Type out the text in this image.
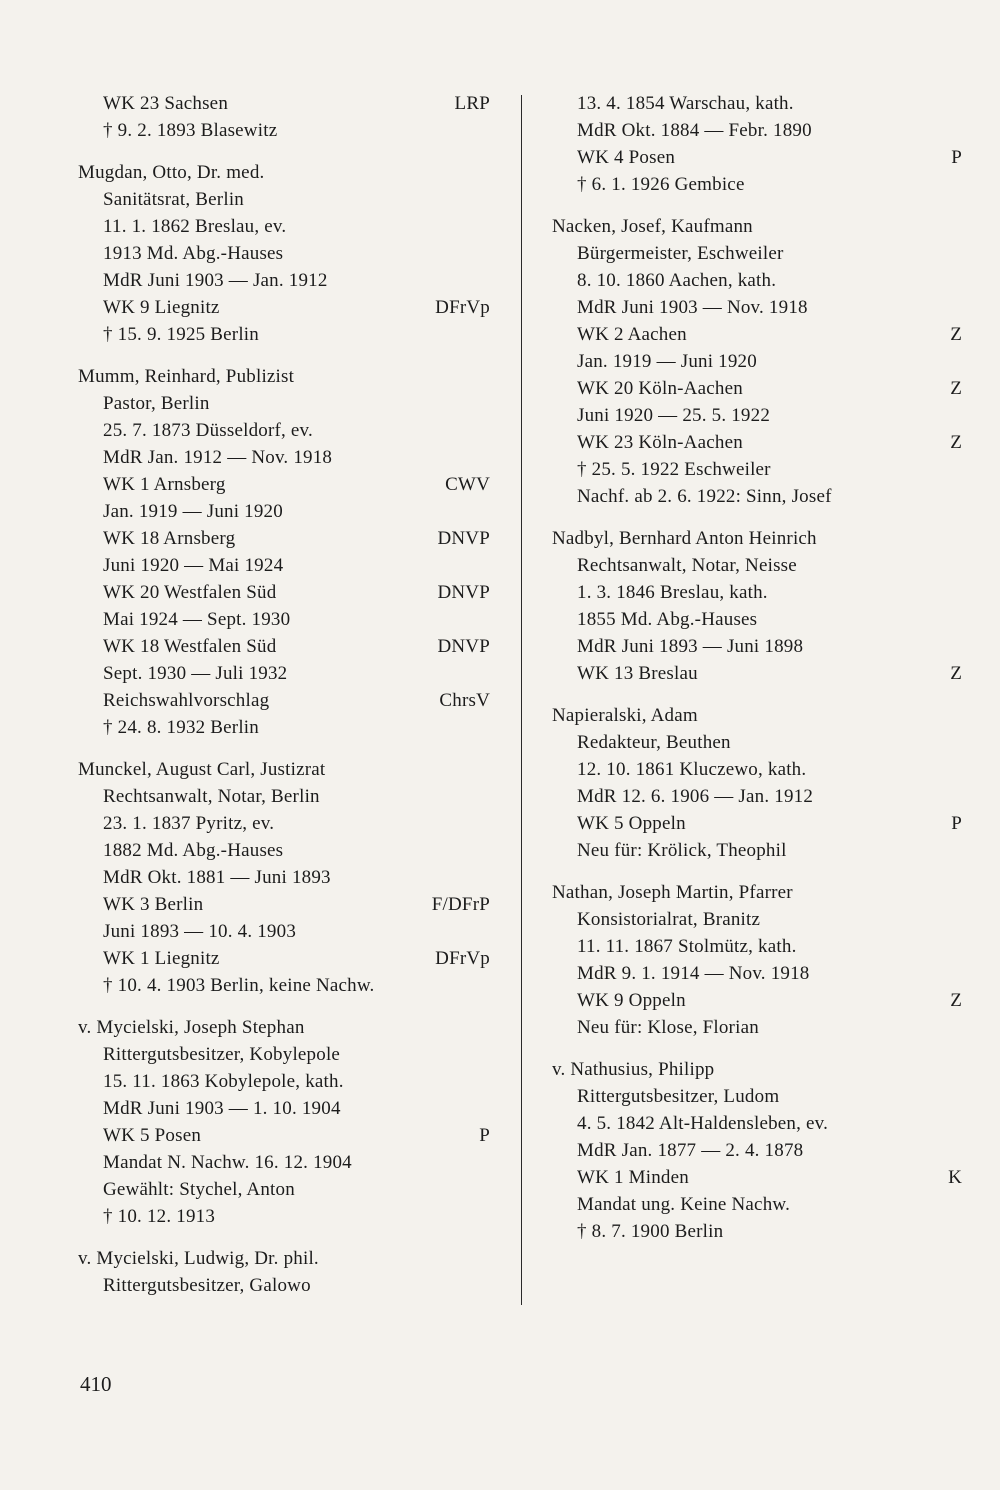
WK 23 Sachsen	LRP
† 9. 2. 1893 Blasewitz
Mugdan, Otto, Dr. med.
Sanitätsrat, Berlin
11. 1. 1862 Breslau, ev.
1913 Md. Abg.-Hauses
MdR Juni 1903 — Jan. 1912
WK 9 Liegnitz	DFrVp
† 15. 9. 1925 Berlin
Mumm, Reinhard, Publizist
Pastor, Berlin
25. 7. 1873 Düsseldorf, ev.
MdR Jan. 1912 — Nov. 1918
WK 1 Arnsberg	CWV
Jan. 1919 — Juni 1920
WK 18 Arnsberg	DNVP
Juni 1920 — Mai 1924
WK 20 Westfalen Süd	DNVP
Mai 1924 — Sept. 1930
WK 18 Westfalen Süd	DNVP
Sept. 1930 — Juli 1932
Reichswahlvorschlag	ChrsV
† 24. 8. 1932 Berlin
Munckel, August Carl, Justizrat
Rechtsanwalt, Notar, Berlin
23. 1. 1837 Pyritz, ev.
1882 Md. Abg.-Hauses
MdR Okt. 1881 — Juni 1893
WK 3 Berlin	F/DFrP
Juni 1893 — 10. 4. 1903
WK 1 Liegnitz	DFrVp
† 10. 4. 1903 Berlin, keine Nachw.
v. Mycielski, Joseph Stephan
Rittergutsbesitzer, Kobylepole
15. 11. 1863 Kobylepole, kath.
MdR Juni 1903 — 1. 10. 1904
WK 5 Posen	P
Mandat N. Nachw. 16. 12. 1904
Gewählt: Stychel, Anton
† 10. 12. 1913
v. Mycielski, Ludwig, Dr. phil.
Rittergutsbesitzer, Galowo
13. 4. 1854 Warschau, kath.
MdR Okt. 1884 — Febr. 1890
WK 4 Posen	P
† 6. 1. 1926 Gembice
Nacken, Josef, Kaufmann
Bürgermeister, Eschweiler
8. 10. 1860 Aachen, kath.
MdR Juni 1903 — Nov. 1918
WK 2 Aachen	Z
Jan. 1919 — Juni 1920
WK 20 Köln-Aachen	Z
Juni 1920 — 25. 5. 1922
WK 23 Köln-Aachen	Z
† 25. 5. 1922 Eschweiler
Nachf. ab 2. 6. 1922: Sinn, Josef
Nadbyl, Bernhard Anton Heinrich
Rechtsanwalt, Notar, Neisse
1. 3. 1846 Breslau, kath.
1855 Md. Abg.-Hauses
MdR Juni 1893 — Juni 1898
WK 13 Breslau	Z
Napieralski, Adam
Redakteur, Beuthen
12. 10. 1861 Kluczewo, kath.
MdR 12. 6. 1906 — Jan. 1912
WK 5 Oppeln	P
Neu für: Krölick, Theophil
Nathan, Joseph Martin, Pfarrer
Konsistorialrat, Branitz
11. 11. 1867 Stolmütz, kath.
MdR 9. 1. 1914 — Nov. 1918
WK 9 Oppeln	Z
Neu für: Klose, Florian
v. Nathusius, Philipp
Rittergutsbesitzer, Ludom
4. 5. 1842 Alt-Haldensleben, ev.
MdR Jan. 1877 — 2. 4. 1878
WK 1 Minden	K
Mandat ung. Keine Nachw.
† 8. 7. 1900 Berlin
410
